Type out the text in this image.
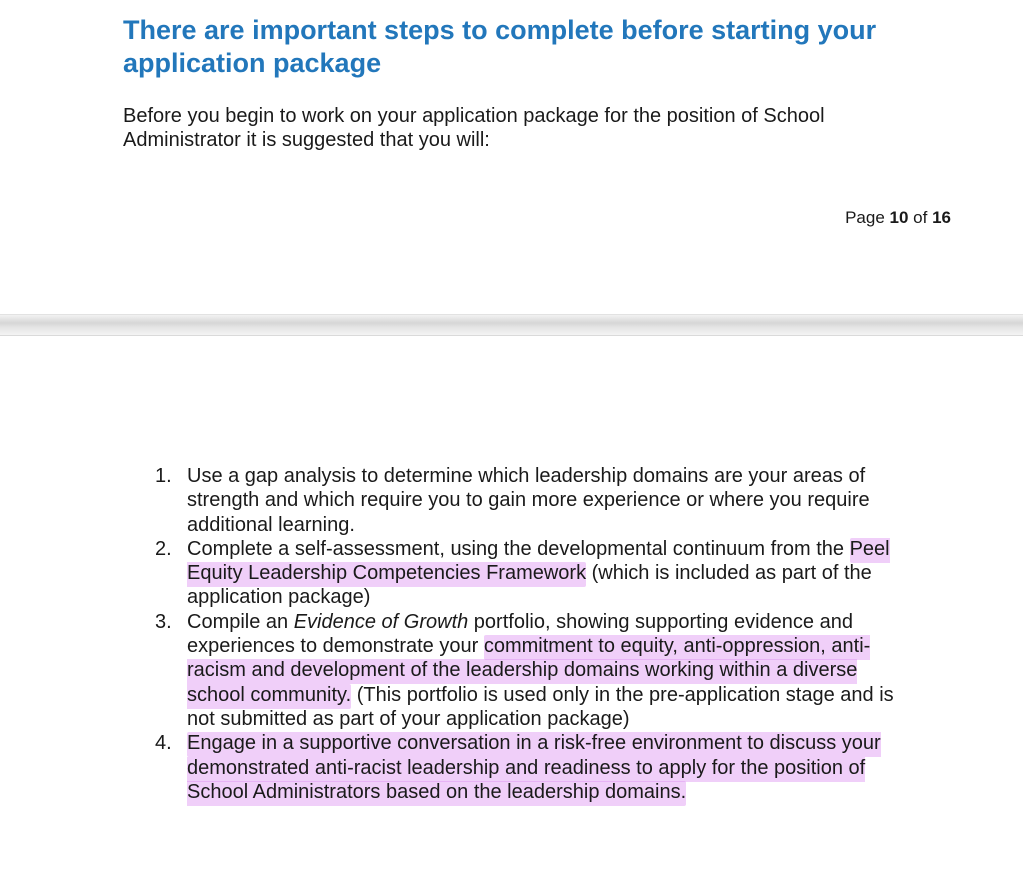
There are important steps to complete before starting your application package

Before you begin to work on your application package for the position of School Administrator it is suggested that you will:

Page 10 of 16
1. Use a gap analysis to determine which leadership domains are your areas of strength and which require you to gain more experience or where you require additional learning.
2. Complete a self-assessment, using the developmental continuum from the Peel Equity Leadership Competencies Framework (which is included as part of the application package)
3. Compile an Evidence of Growth portfolio, showing supporting evidence and experiences to demonstrate your commitment to equity, anti-oppression, anti-racism and development of the leadership domains working within a diverse school community. (This portfolio is used only in the pre-application stage and is not submitted as part of your application package)
4. Engage in a supportive conversation in a risk-free environment to discuss your demonstrated anti-racist leadership and readiness to apply for the position of School Administrators based on the leadership domains.
